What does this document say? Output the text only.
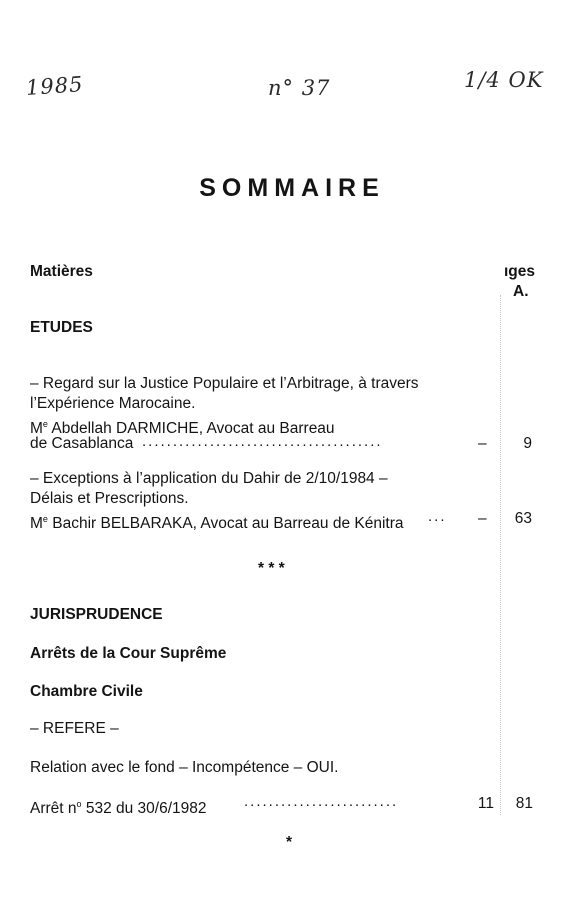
1985	n° 37	1/4 OK
SOMMAIRE
Matières	ıges
A.
ETUDES
– Regard sur la Justice Populaire et l’Arbitrage, à travers
l’Expérience Marocaine.
Me Abdellah DARMICHE, Avocat au Barreau
de Casablanca .......................................	–	9
– Exceptions à l’application du Dahir de 2/10/1984 –
Délais et Prescriptions.
Me Bachir BELBARAKA, Avocat au Barreau de Kénitra ...	–	63
* * *
JURISPRUDENCE
Arrêts de la Cour Suprême
Chambre Civile
– REFERE –
Relation avec le fond – Incompétence – OUI.
Arrêt $n^o$ 532 du 30/6/1982 .........................	11	81
*
